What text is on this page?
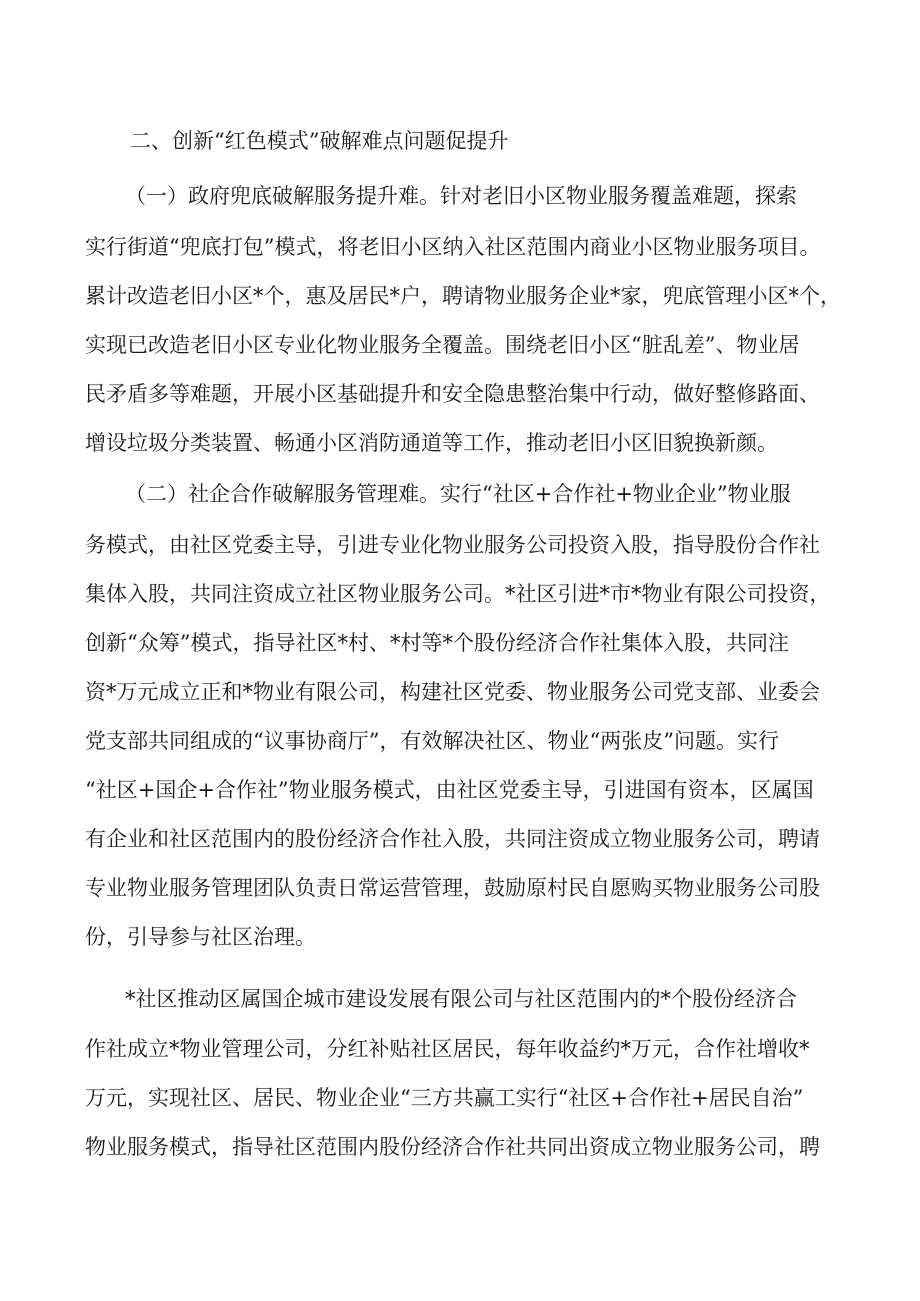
二、创新“红色模式”破解难点问题促提升

（一）政府兜底破解服务提升难。针对老旧小区物业服务覆盖难题，探索

实行街道“兜底打包”模式，将老旧小区纳入社区范围内商业小区物业服务项目。

累计改造老旧小区*个，惠及居民*户，聘请物业服务企业*家，兜底管理小区*个，

实现已改造老旧小区专业化物业服务全覆盖。围绕老旧小区“脏乱差”、物业居

民矛盾多等难题，开展小区基础提升和安全隐患整治集中行动，做好整修路面、

增设垃圾分类装置、畅通小区消防通道等工作，推动老旧小区旧貌换新颜。

（二）社企合作破解服务管理难。实行“社区+合作社+物业企业”物业服

务模式，由社区党委主导，引进专业化物业服务公司投资入股，指导股份合作社

集体入股，共同注资成立社区物业服务公司。*社区引进*市*物业有限公司投资，

创新“众筹”模式，指导社区*村、*村等*个股份经济合作社集体入股，共同注

资*万元成立正和*物业有限公司，构建社区党委、物业服务公司党支部、业委会

党支部共同组成的“议事协商厅”，有效解决社区、物业“两张皮”问题。实行

“社区+国企+合作社”物业服务模式，由社区党委主导，引进国有资本，区属国

有企业和社区范围内的股份经济合作社入股，共同注资成立物业服务公司，聘请

专业物业服务管理团队负责日常运营管理，鼓励原村民自愿购买物业服务公司股

份，引导参与社区治理。

*社区推动区属国企城市建设发展有限公司与社区范围内的*个股份经济合

作社成立*物业管理公司，分红补贴社区居民，每年收益约*万元，合作社增收*

万元，实现社区、居民、物业企业“三方共赢工实行“社区+合作社+居民自治”

物业服务模式，指导社区范围内股份经济合作社共同出资成立物业服务公司，聘
